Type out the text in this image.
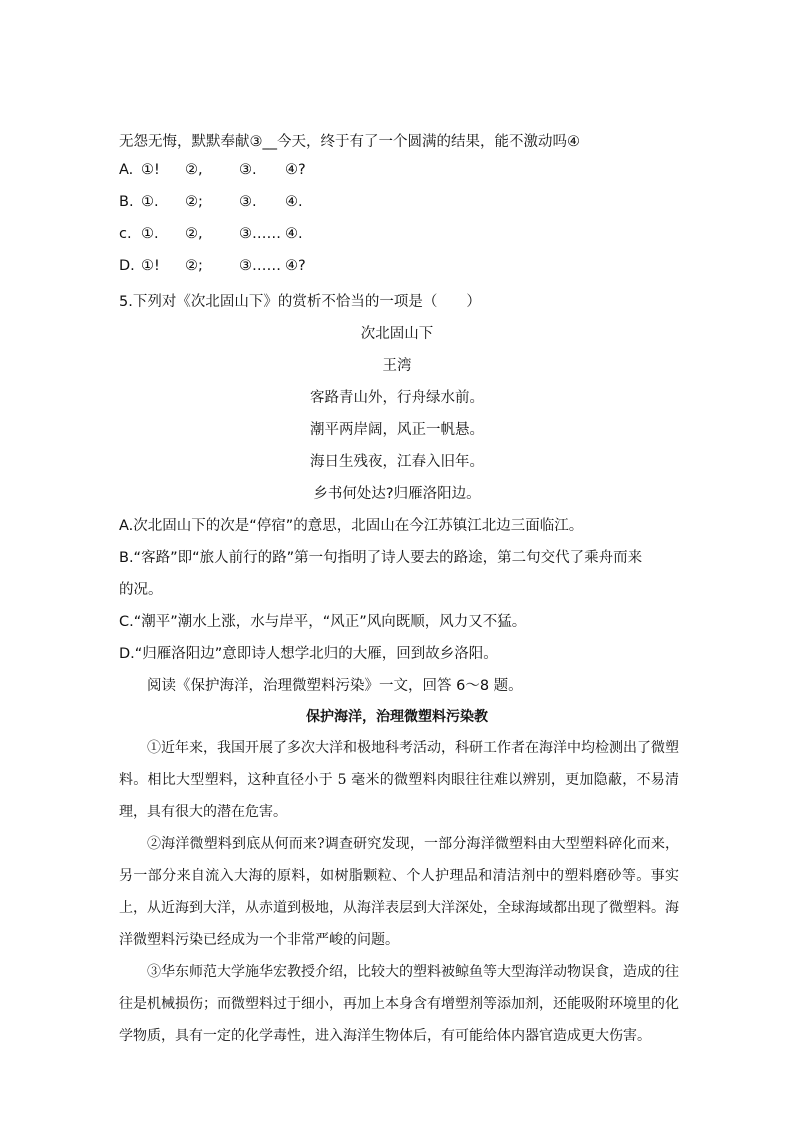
无怨无悔，默默奉献③__今天，终于有了一个圆满的结果，能不激动吗④
A. ①! ②,	③. ④?
B. ①. ②; ③. ④.
c. ①. ②,	③…… ④.
D. ①! ②; ③…… ④?
5.下列对《次北固山下》的赏析不恰当的一项是（　　）
次北固山下
王湾
客路青山外，行舟绿水前。
潮平两岸阔，风正一帆悬。
海日生残夜，江春入旧年。
乡书何处达?归雁洛阳边。
A.次北固山下的次是“停宿”的意思，北固山在今江苏镇江北边三面临江。
B.“客路”即“旅人前行的路”第一句指明了诗人要去的路途，第二句交代了乘舟而来
的况。
C.“潮平”潮水上涨，水与岸平，“风正”风向既顺，风力又不猛。
D.“归雁洛阳边”意即诗人想学北归的大雁，回到故乡洛阳。
阅读《保护海洋，治理微塑料污染》一文，回答 6～8 题。
保护海洋，治理微塑料污染教
①近年来，我国开展了多次大洋和极地科考活动，科研工作者在海洋中均检测出了微塑料。相比大型塑料，这种直径小于 5 毫米的微塑料肉眼往往难以辨别，更加隐蔽，不易清理，具有很大的潜在危害。
②海洋微塑料到底从何而来?调查研究发现，一部分海洋微塑料由大型塑料碎化而来，另一部分来自流入大海的原料，如树脂颗粒、个人护理品和清洁剂中的塑料磨砂等。事实上，从近海到大洋，从赤道到极地，从海洋表层到大洋深处，全球海域都出现了微塑料。海洋微塑料污染已经成为一个非常严峻的问题。
③华东师范大学施华宏教授介绍，比较大的塑料被鲸鱼等大型海洋动物误食，造成的往往是机械损伤；而微塑料过于细小，再加上本身含有增塑剂等添加剂，还能吸附环境里的化学物质，具有一定的化学毒性，进入海洋生物体后，有可能给体内器官造成更大伤害。
